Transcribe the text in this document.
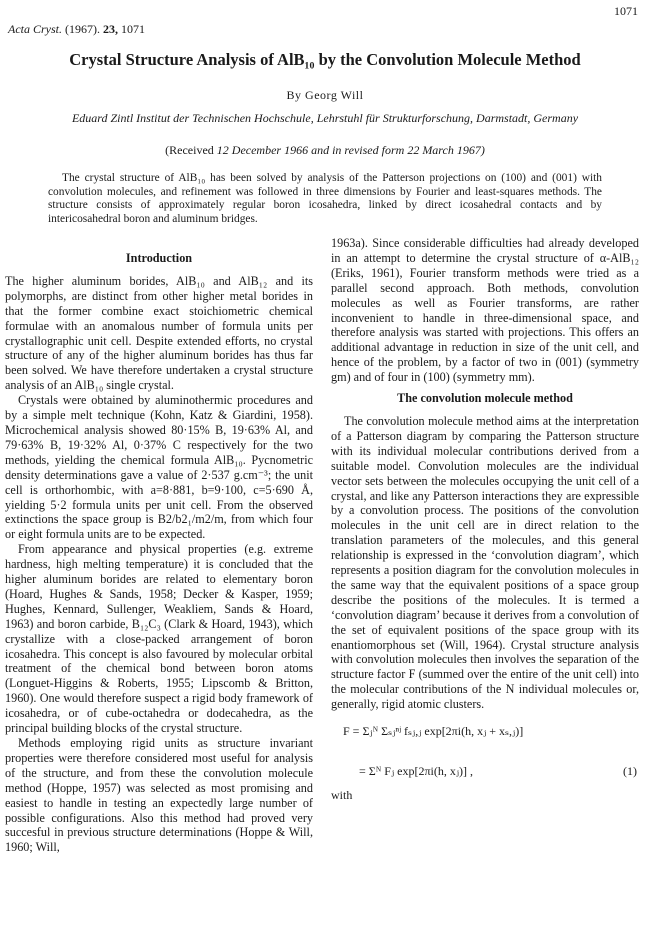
1071
Acta Cryst. (1967). 23, 1071
Crystal Structure Analysis of AlB₁₀ by the Convolution Molecule Method
By Georg Will
Eduard Zintl Institut der Technischen Hochschule, Lehrstuhl für Strukturforschung, Darmstadt, Germany
(Received 12 December 1966 and in revised form 22 March 1967)
The crystal structure of AlB₁₀ has been solved by analysis of the Patterson projections on (100) and (001) with convolution molecules, and refinement was followed in three dimensions by Fourier and least-squares methods. The structure consists of approximately regular boron icosahedra, linked by direct icosahedral contacts and by intericosahedral boron and aluminum bridges.

Introduction

The higher aluminum borides, AlB₁₀ and AlB₁₂ and its polymorphs, are distinct from other higher metal borides in that the former combine exact stoichiometric chemical formulae with an anomalous number of formula units per crystallographic unit cell. Despite extended efforts, no crystal structure of any of the higher aluminum borides has thus far been solved. We have therefore undertaken a crystal structure analysis of an AlB₁₀ single crystal.

Crystals were obtained by aluminothermic procedures and by a simple melt technique (Kohn, Katz & Giardini, 1958). Microchemical analysis showed 80·15% B, 19·63% Al, and 79·63% B, 19·32% Al, 0·37% C respectively for the two methods, yielding the chemical formula AlB₁₀. Pycnometric density determinations gave a value of 2·537 g.cm⁻³; the unit cell is orthorhombic, with a=8·881, b=9·100, c=5·690 Å, yielding 5·2 formula units per unit cell. From the observed extinctions the space group is B2/b2₁/m2/m, from which four or eight formula units are to be expected.

From appearance and physical properties (e.g. extreme hardness, high melting temperature) it is concluded that the higher aluminum borides are related to elementary boron (Hoard, Hughes & Sands, 1958; Decker & Kasper, 1959; Hughes, Kennard, Sullenger, Weakliem, Sands & Hoard, 1963) and boron carbide, B₁₂C₃ (Clark & Hoard, 1943), which crystallize with a close-packed arrangement of boron icosahedra. This concept is also favoured by molecular orbital treatment of the chemical bond between boron atoms (Longuet-Higgins & Roberts, 1955; Lipscomb & Britton, 1960). One would therefore suspect a rigid body framework of icosahedra, or of cube-octahedra or dodecahedra, as the principal building blocks of the crystal structure.

Methods employing rigid units as structure invariant properties were therefore considered most useful for analysis of the structure, and from these the convolution molecule method (Hoppe, 1957) was selected as most promising and easiest to handle in testing an expectedly large number of possible configurations. Also this method had proved very succesful in previous structure determinations (Hoppe & Will, 1960; Will,

1963a). Since considerable difficulties had already developed in an attempt to determine the crystal structure of α-AlB₁₂ (Eriks, 1961), Fourier transform methods were tried as a parallel second approach. Both methods, convolution molecules as well as Fourier transforms, are rather inconvenient to handle in three-dimensional space, and therefore analysis was started with projections. This offers an additional advantage in reduction in size of the unit cell, and hence of the problem, by a factor of two in (001) (symmetry gm) and of four in (100) (symmetry mm).

The convolution molecule method

The convolution molecule method aims at the interpretation of a Patterson diagram by comparing the Patterson structure with its individual molecular contributions derived from a suitable model. Convolution molecules are the individual vector sets between the molecules occupying the unit cell of a crystal, and like any Patterson interactions they are expressible by a convolution process. The positions of the convolution molecules in the unit cell are in direct relation to the translation parameters of the molecules, and this general relationship is expressed in the ‘convolution diagram’, which represents a position diagram for the convolution molecules in the same way that the equivalent positions of a space group describe the positions of the molecules. It is termed a ‘convolution diagram’ because it derives from a convolution of the set of equivalent positions of the space group with its enantiomorphous set (Will, 1964). Crystal structure analysis with convolution molecules then involves the separation of the structure factor F (summed over the entire of the unit cell) into the molecular contributions of the N individual molecules or, generally, rigid atomic clusters.

F = Σⱼᴺ Σₛⱼⁿʲ fₛⱼ,ⱼ exp[2πi(h, xⱼ + xₛ,ⱼ)]
= Σᴺ Fⱼ exp[2πi(h, xⱼ)] ,	(1)
with
